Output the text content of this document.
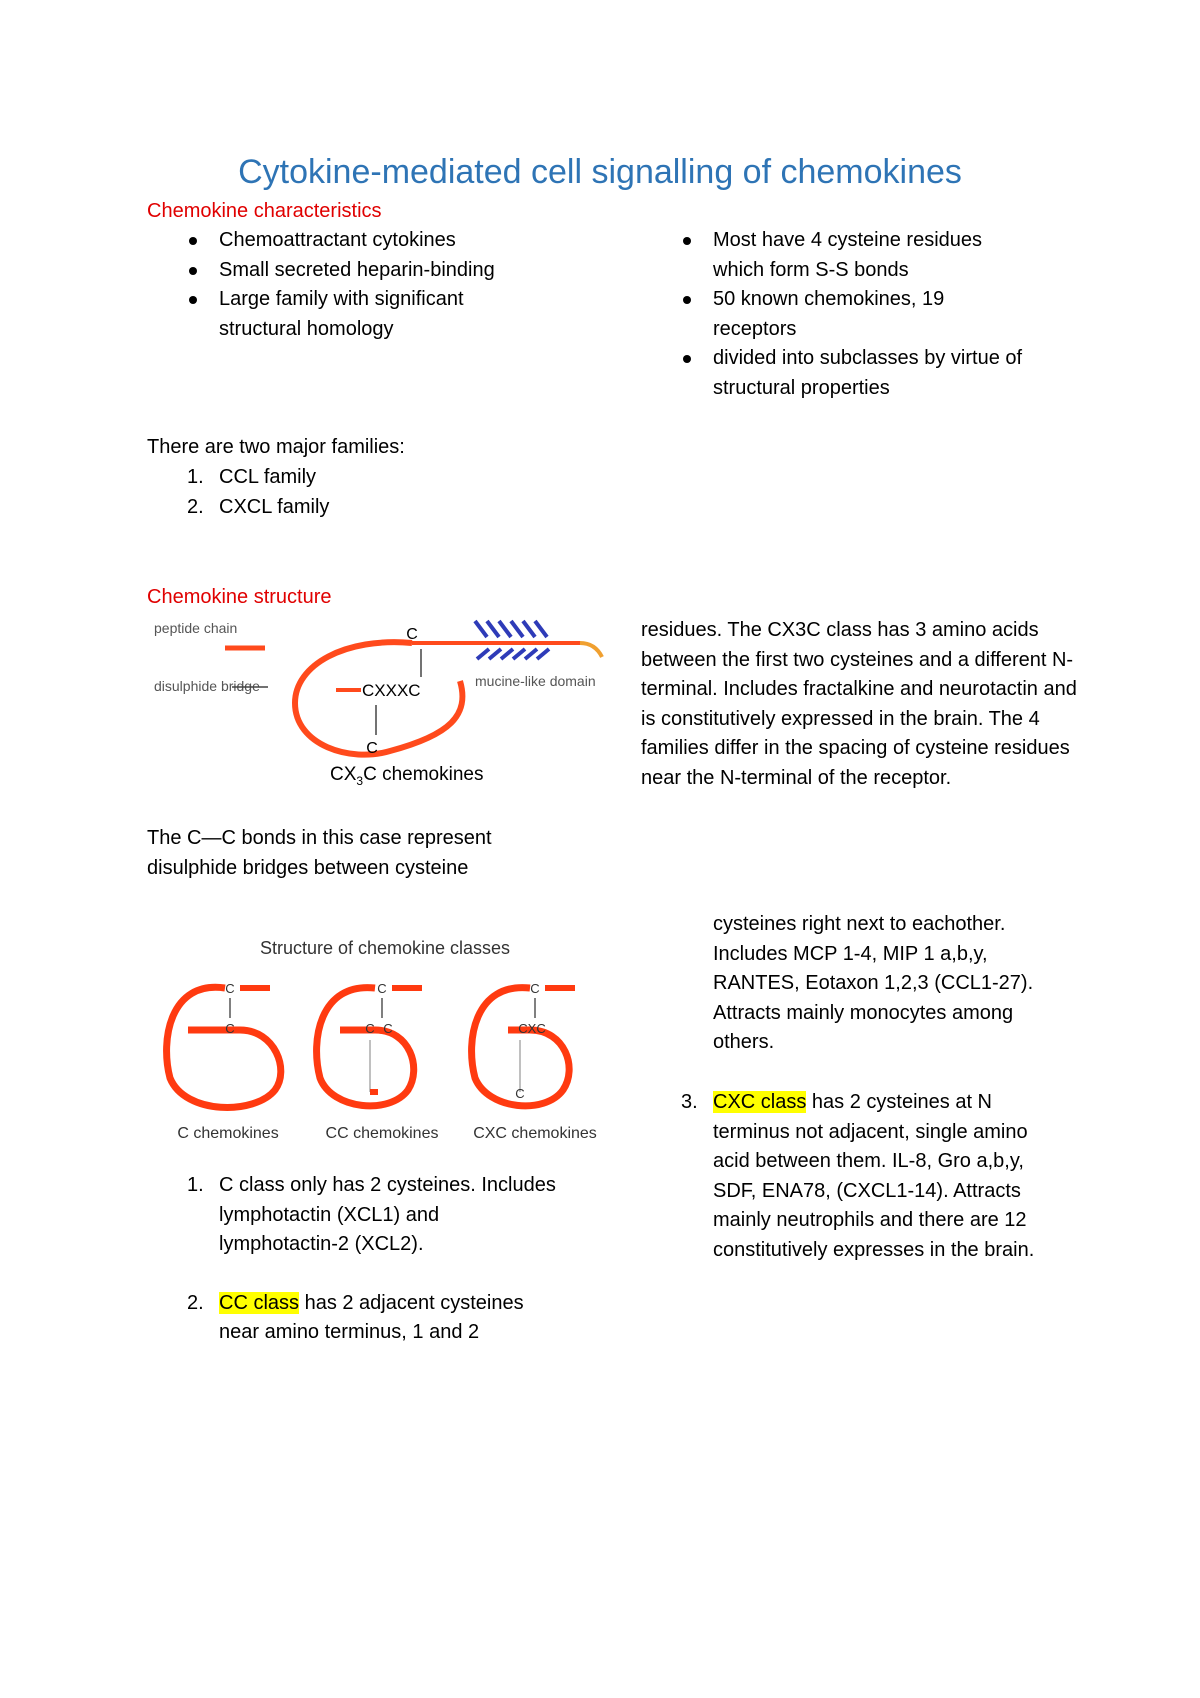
Cytokine-mediated cell signalling of chemokines
Chemokine characteristics
Chemoattractant cytokines
Small secreted heparin-binding
Large family with significant structural homology
Most have 4 cysteine residues which form S-S bonds
50 known chemokines, 19 receptors
divided into subclasses by virtue of structural properties
There are two major families:
1. CCL family
2. CXCL family
Chemokine structure
peptide chain
disulphide bridge	mucine-like domain
C
CXXXC
C
$CX_3C$ chemokines

The C—C bonds in this case represent disulphide bridges between cysteine

residues. The CX3C class has 3 amino acids between the first two cysteines and a different N-terminal. Includes fractalkine and neurotactin and is constitutively expressed in the brain. The 4 families differ in the spacing of cysteine residues near the N-terminal of the receptor.

Structure of chemokine classes
C
C
C
C C
C
CXC
C
C chemokines	CC chemokines CXC chemokines
1. C class only has 2 cysteines. Includes lymphotactin (XCL1) and lymphotactin-2 (XCL2).
2. CC class has 2 adjacent cysteines near amino terminus, 1 and 2

cysteines right next to eachother. Includes MCP 1-4, MIP 1 a,b,y, RANTES, Eotaxon 1,2,3 (CCL1-27). Attracts mainly monocytes among others.

3. CXC class has 2 cysteines at N terminus not adjacent, single amino acid between them. IL-8, Gro a,b,y, SDF, ENA78, (CXCL1-14). Attracts mainly neutrophils and there are 12 constitutively expresses in the brain.
